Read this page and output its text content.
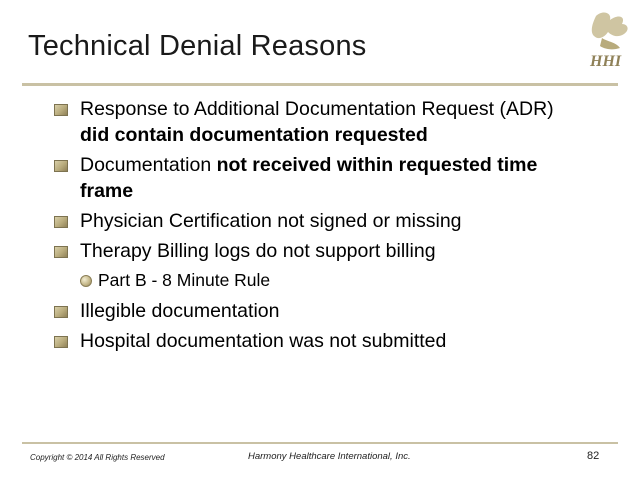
Technical Denial Reasons	HHI
Response to Additional Documentation Request (ADR) did contain documentation requested
Documentation not received within requested time frame
Physician Certification not signed or missing
Therapy Billing logs do not support billing
Part B - 8 Minute Rule
Illegible documentation
Hospital documentation was not submitted
Copyright © 2014 All Rights Reserved	Harmony Healthcare International, Inc.	82
